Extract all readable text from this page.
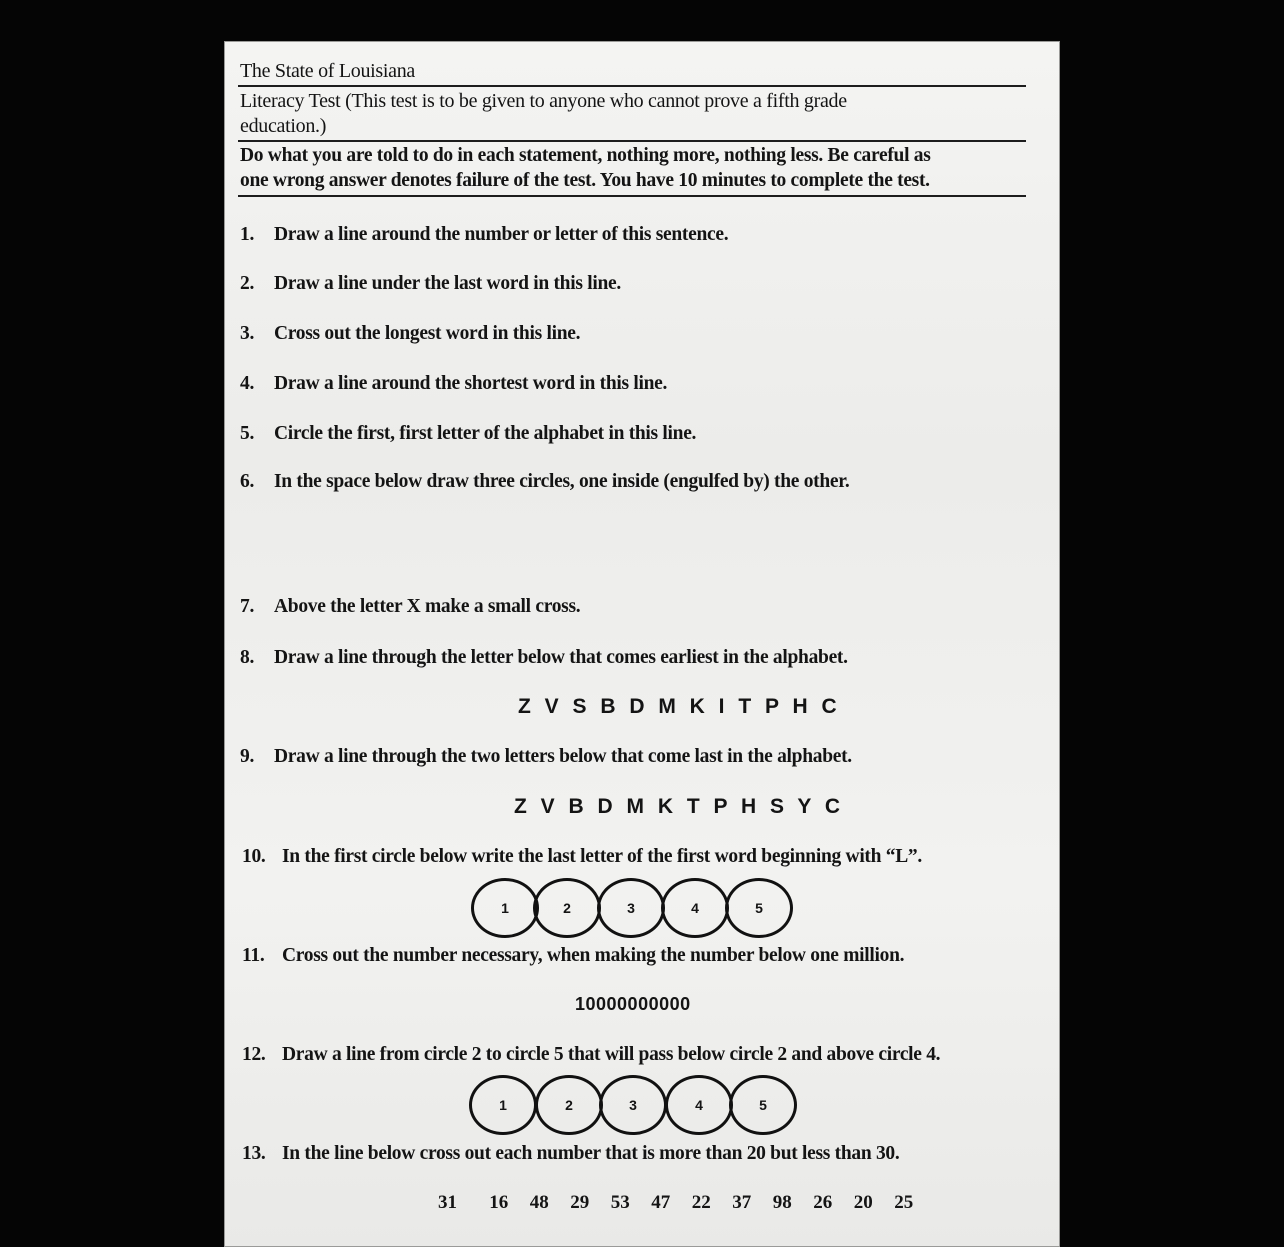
The State of Louisiana
Literacy Test (This test is to be given to anyone who cannot prove a fifth grade
education.)
Do what you are told to do in each statement, nothing more, nothing less. Be careful as
one wrong answer denotes failure of the test. You have 10 minutes to complete the test.
1. Draw a line around the number or letter of this sentence.
2. Draw a line under the last word in this line.
3. Cross out the longest word in this line.
4. Draw a line around the shortest word in this line.
5. Circle the first, first letter of the alphabet in this line.
6. In the space below draw three circles, one inside (engulfed by) the other.
7. Above the letter X make a small cross.
8. Draw a line through the letter below that comes earliest in the alphabet.
Z V S B D M K I T P H C
9. Draw a line through the two letters below that come last in the alphabet.
Z V B D M K T P H S Y C
10. In the first circle below write the last letter of the first word beginning with “L”.
1	2	3	4	5
11. Cross out the number necessary, when making the number below one million.
10000000000
12. Draw a line from circle 2 to circle 5 that will pass below circle 2 and above circle 4.
1	2	3	4	5
13. In the line below cross out each number that is more than 20 but less than 30.
31   16  48  29  53  47  22  37  98  26  20  25
